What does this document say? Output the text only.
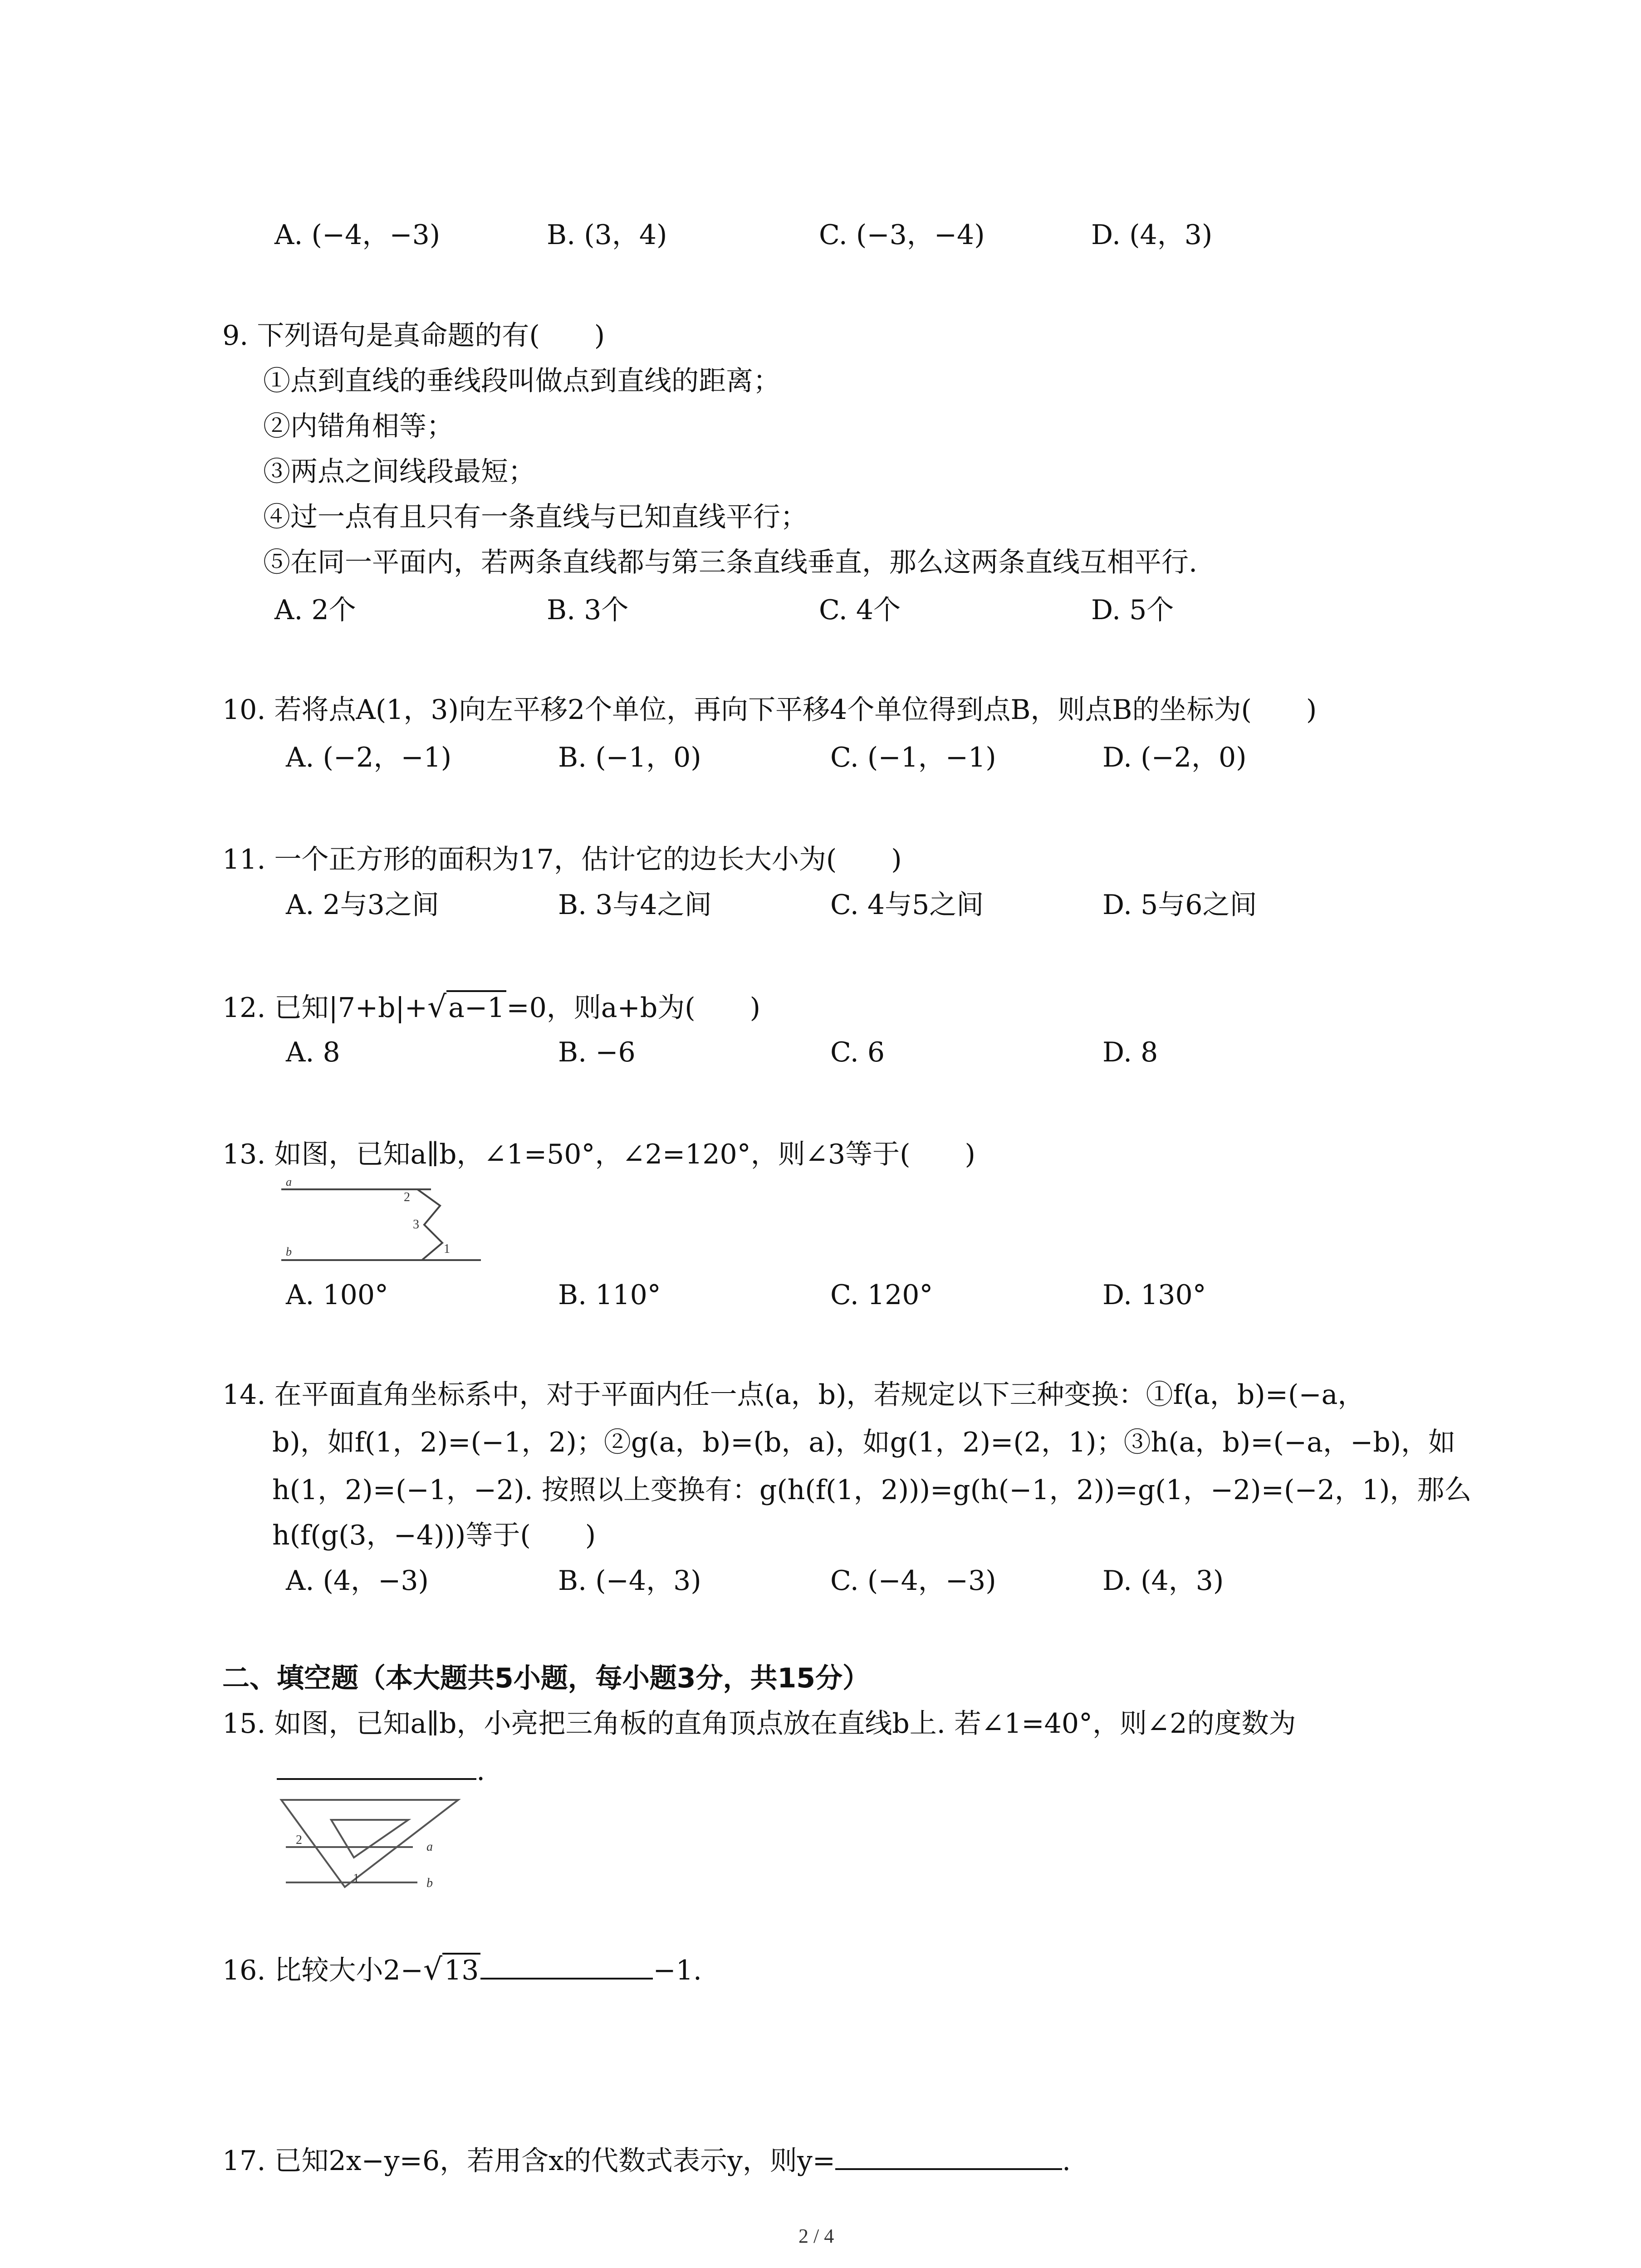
A. (−4，−3)	B. (3，4)	C. (−3，−4)	D. (4，3)
9. 下列语句是真命题的有(　　)
①点到直线的垂线段叫做点到直线的距离；
②内错角相等；
③两点之间线段最短；
④过一点有且只有一条直线与已知直线平行；
⑤在同一平面内，若两条直线都与第三条直线垂直，那么这两条直线互相平行.
A. 2个	B. 3个	C. 4个	D. 5个
10. 若将点A(1，3)向左平移2个单位，再向下平移4个单位得到点B，则点B的坐标为(　　)
A. (−2，−1)	B. (−1，0)	C. (−1，−1)	D. (−2，0)
11. 一个正方形的面积为17，估计它的边长大小为(　　)
A. 2与3之间	B. 3与4之间	C. 4与5之间	D. 5与6之间
12. 已知|7+b|+√a−1=0，则a+b为(　　)
A. 8	B. −6	C. 6	D. 8
13. 如图，已知a∥b，∠1=50°，∠2=120°，则∠3等于(　　)
a
b
2
3
1
A. 100°	B. 110°	C. 120°	D. 130°
14. 在平面直角坐标系中，对于平面内任一点(a，b)，若规定以下三种变换：①f(a，b)=(−a，
b)，如f(1，2)=(−1，2)；②g(a，b)=(b，a)，如g(1，2)=(2，1)；③h(a，b)=(−a，−b)，如
h(1，2)=(−1，−2). 按照以上变换有：g(h(f(1，2)))=g(h(−1，2))=g(1，−2)=(−2，1)，那么
h(f(g(3，−4)))等于(　　)
A. (4，−3)	B. (−4，3)	C. (−4，−3)	D. (4，3)
二、填空题（本大题共5小题，每小题3分，共15分）
15. 如图，已知a∥b，小亮把三角板的直角顶点放在直线b上. 若∠1=40°，则∠2的度数为
.
2
1
a
b
16. 比较大小2−√13	−1.
17. 已知2x−y=6，若用含x的代数式表示y，则y=	.
2 / 4
